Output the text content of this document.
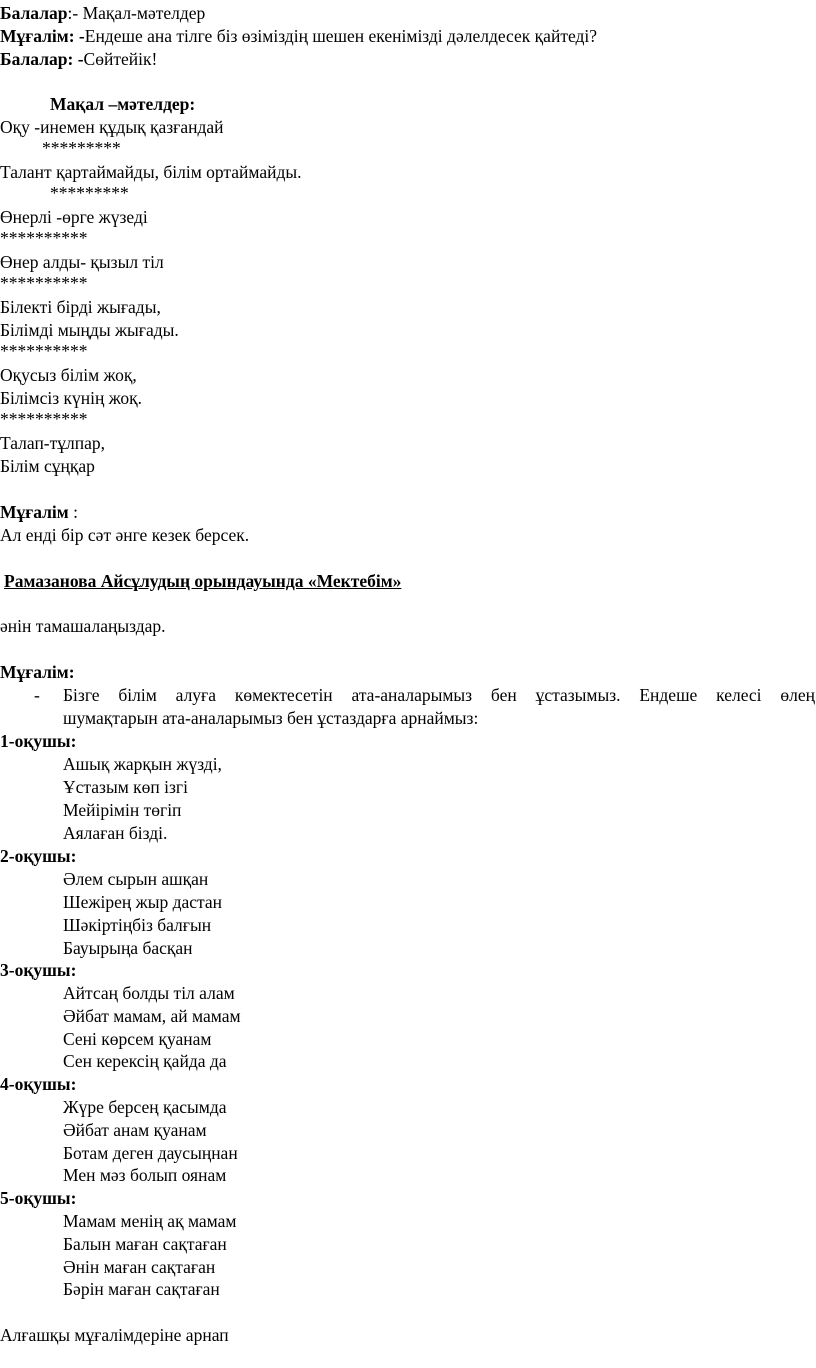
Балалар:- Мақал-мәтелдер
Мұғалім: -Ендеше ана тілге біз өзіміздің шешен екенімізді дәлелдесек қайтеді?
Балалар: -Сөйтейік!
Мақал –мәтелдер:
Оқу -инемен құдық қазғандай
*********
Талант қартаймайды, білім ортаймайды.
*********
Өнерлі -өрге жүзеді
**********
Өнер алды- қызыл тіл
**********
Білекті бірді жығады,
Білімді мыңды жығады.
**********
Оқусыз білім жоқ,
Білімсіз күнің жоқ.
**********
Талап-тұлпар,
Білім сұңқар
Мұғалім :
Ал енді бір сәт әнге кезек берсек.
Рамазанова Айсұлудың орындауында «Мектебім»
әнін тамашалаңыздар.
Мұғалім:
- Бізге білім алуға көмектесетін ата-аналарымыз бен ұстазымыз. Ендеше келесі өлең
шумақтарын ата-аналарымыз бен ұстаздарға арнаймыз:
1-оқушы:
Ашық жарқын жүзді,
Ұстазым көп ізгі
Мейірімін төгіп
Аялаған бізді.
2-оқушы:
Әлем сырын ашқан
Шежірең жыр дастан
Шәкіртіңбіз балғын
Бауырыңа басқан
3-оқушы:
Айтсаң болды тіл алам
Әйбат мамам, ай мамам
Сені көрсем қуанам
Сен керексің қайда да
4-оқушы:
Жүре берсең қасымда
Әйбат анам қуанам
Ботам деген даусыңнан
Мен мәз болып оянам
5-оқушы:
Мамам менің ақ мамам
Балын маған сақтаған
Әнін маған сақтаған
Бәрін маған сақтаған
Алғашқы мұғалімдеріне арнап
